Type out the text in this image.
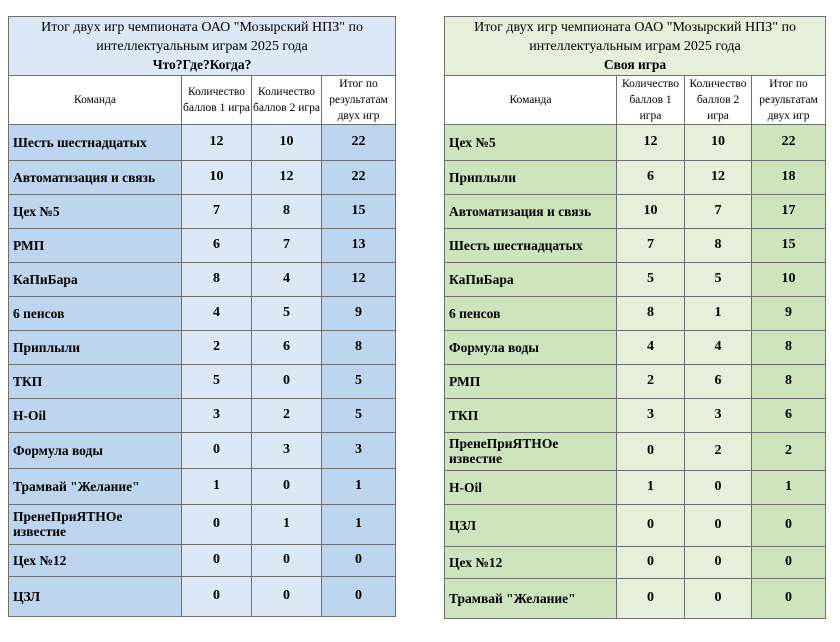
Итог двух игр чемпионата ОАО "Мозырский НПЗ" по
интеллектуальным играм 2025 года
Что?Где?Когда?			

Команда	Количество баллов 1 игра	Количество баллов 2 игра	Итог по результатам двух игр
Шесть шестнадцатых	12	10	22
Автоматизация и связь	10	12	22
Цех №5	7	8	15
РМП	6	7	13
КаПиБара	8	4	12
6 пенсов	4	5	9
Приплыли	2	6	8
ТКП	5	0	5
H-Oil	3	2	5
Формула воды	0	3	3
Трамвай "Желание"	1	0	1
ПренеПриЯТНОе известие	0	1	1
Цех №12	0	0	0
ЦЗЛ	0	0	0
Итог двух игр чемпионата ОАО "Мозырский НПЗ" по
интеллектуальным играм 2025 года
Своя игра			

Команда	Количество баллов 1 игра	Количество баллов 2 игра	Итог по результатам двух игр
Цех №5	12	10	22
Приплыли	6	12	18
Автоматизация и связь	10	7	17
Шесть шестнадцатых	7	8	15
КаПиБара	5	5	10
6 пенсов	8	1	9
Формула воды	4	4	8
РМП	2	6	8
ТКП	3	3	6
ПренеПриЯТНОе известие	0	2	2
H-Oil	1	0	1
ЦЗЛ	0	0	0
Цех №12	0	0	0
Трамвай "Желание"	0	0	0
